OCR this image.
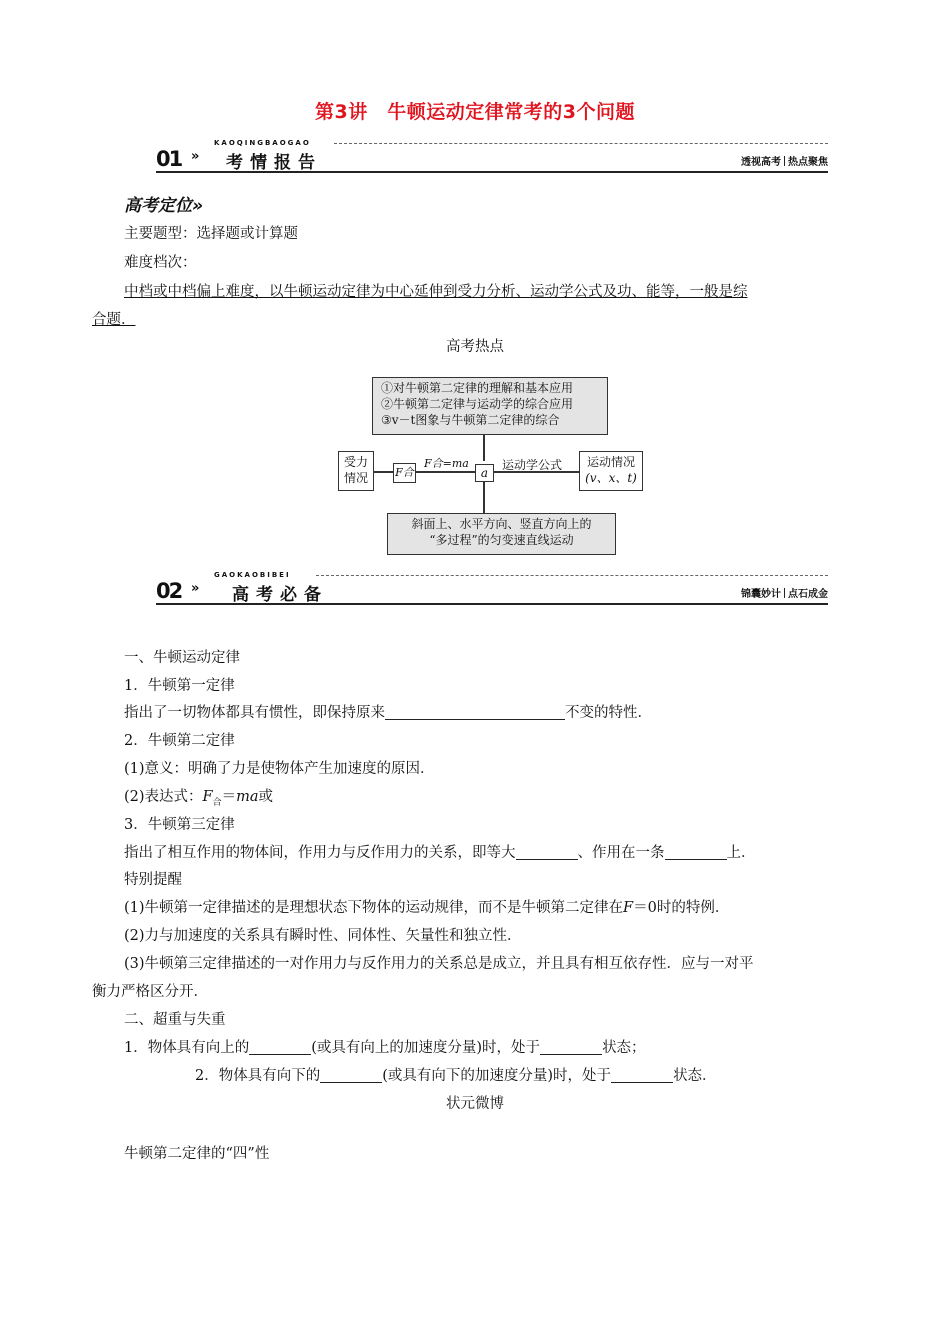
第3讲　牛顿运动定律常考的3个问题
01 »
KAOQINGBAOGAO
考情报告	透视高考 热点聚焦
高考定位»
主要题型：选择题或计算题
难度档次：
中档或中档偏上难度，以牛顿运动定律为中心延伸到受力分析、运动学公式及功、能等，一般是综
合题．
高考热点
①对牛顿第二定律的理解和基本应用
②牛顿第二定律与运动学的综合应用
③v－t图象与牛顿第二定律的综合
受力
情况	F合
F合=ma
a
运动学公式	运动情况
(v、x、t)
斜面上、水平方向、竖直方向上的
“多过程”的匀变速直线运动
02 »
GAOKAOBIBEI
高考必备	锦囊妙计 点石成金
一、牛顿运动定律
1．牛顿第一定律
指出了一切物体都具有惯性，即保持原来	不变的特性．
2．牛顿第二定律
(1)意义：明确了力是使物体产生加速度的原因．
(2)表达式：$F_合=ma$或
3．牛顿第三定律
指出了相互作用的物体间，作用力与反作用力的关系，即等大	、作用在一条	上．
特别提醒
(1)牛顿第一定律描述的是理想状态下物体的运动规律，而不是牛顿第二定律在F＝0时的特例．
(2)力与加速度的关系具有瞬时性、同体性、矢量性和独立性．
(3)牛顿第三定律描述的一对作用力与反作用力的关系总是成立，并且具有相互依存性．应与一对平
衡力严格区分开．
二、超重与失重
1．物体具有向上的	(或具有向上的加速度分量)时，处于	状态；
2．物体具有向下的	(或具有向下的加速度分量)时，处于	状态．
状元微博
牛顿第二定律的“四”性
